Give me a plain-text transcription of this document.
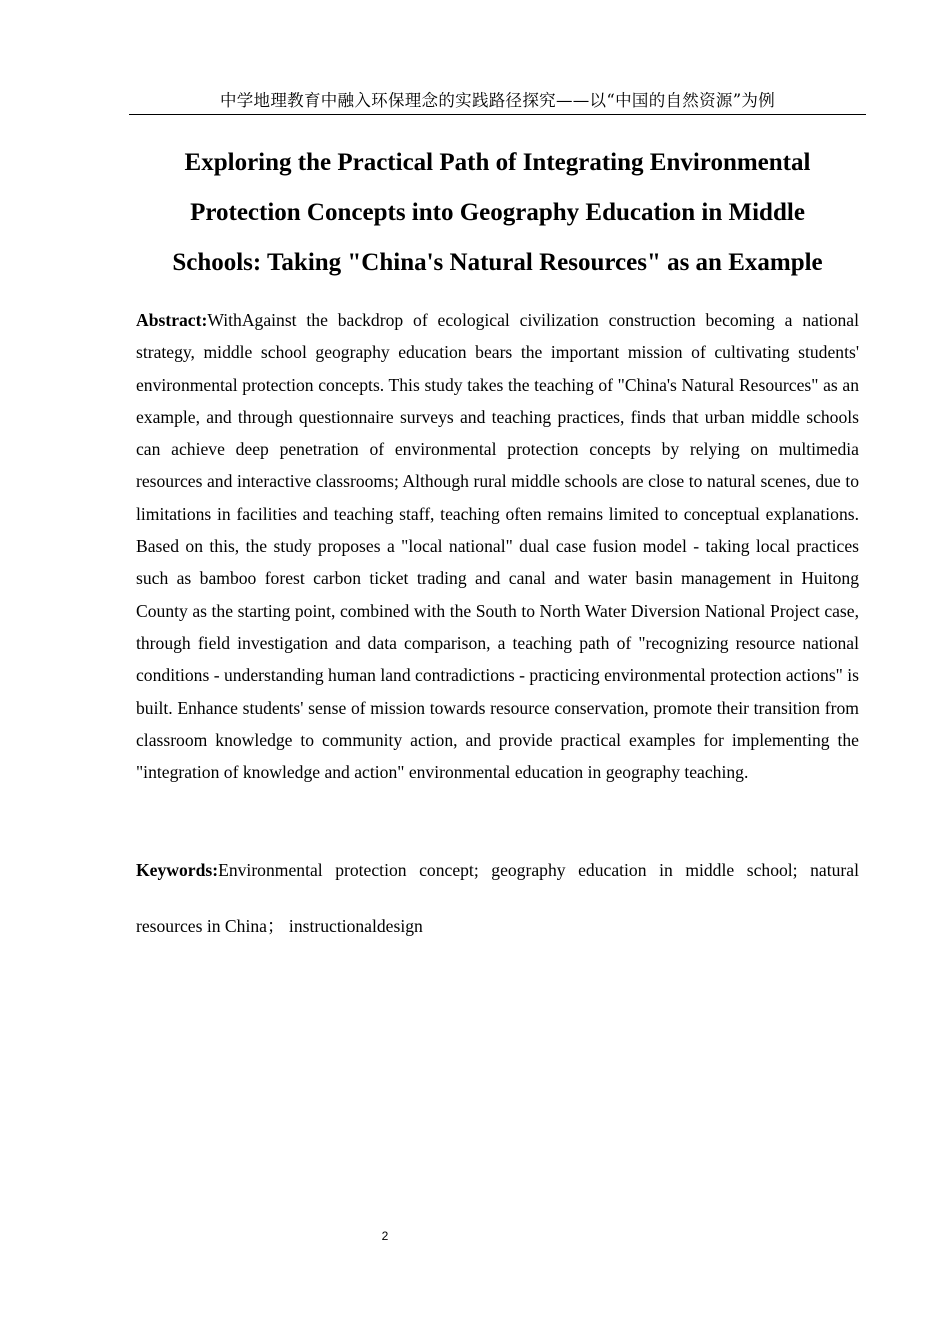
中学地理教育中融入环保理念的实践路径探究——以“中国的自然资源”为例
Exploring the Practical Path of Integrating Environmental
Protection Concepts into Geography Education in Middle
Schools: Taking "China's Natural Resources" as an Example

Abstract:WithAgainst the backdrop of ecological civilization construction becoming a national strategy, middle school geography education bears the important mission of cultivating students' environmental protection concepts. This study takes the teaching of "China's Natural Resources" as an example, and through questionnaire surveys and teaching practices, finds that urban middle schools can achieve deep penetration of environmental protection concepts by relying on multimedia resources and interactive classrooms; Although rural middle schools are close to natural scenes, due to limitations in facilities and teaching staff, teaching often remains limited to conceptual explanations. Based on this, the study proposes a "local national" dual case fusion model - taking local practices such as bamboo forest carbon ticket trading and canal and water basin management in Huitong County as the starting point, combined with the South to North Water Diversion National Project case, through field investigation and data comparison, a teaching path of "recognizing resource national conditions - understanding human land contradictions - practicing environmental protection actions" is built. Enhance students' sense of mission towards resource conservation, promote their transition from classroom knowledge to community action, and provide practical examples for implementing the "integration of knowledge and action" environmental education in geography teaching.

Keywords:Environmental protection concept; geography education in middle school; natural resources in China； instructionaldesign

2
